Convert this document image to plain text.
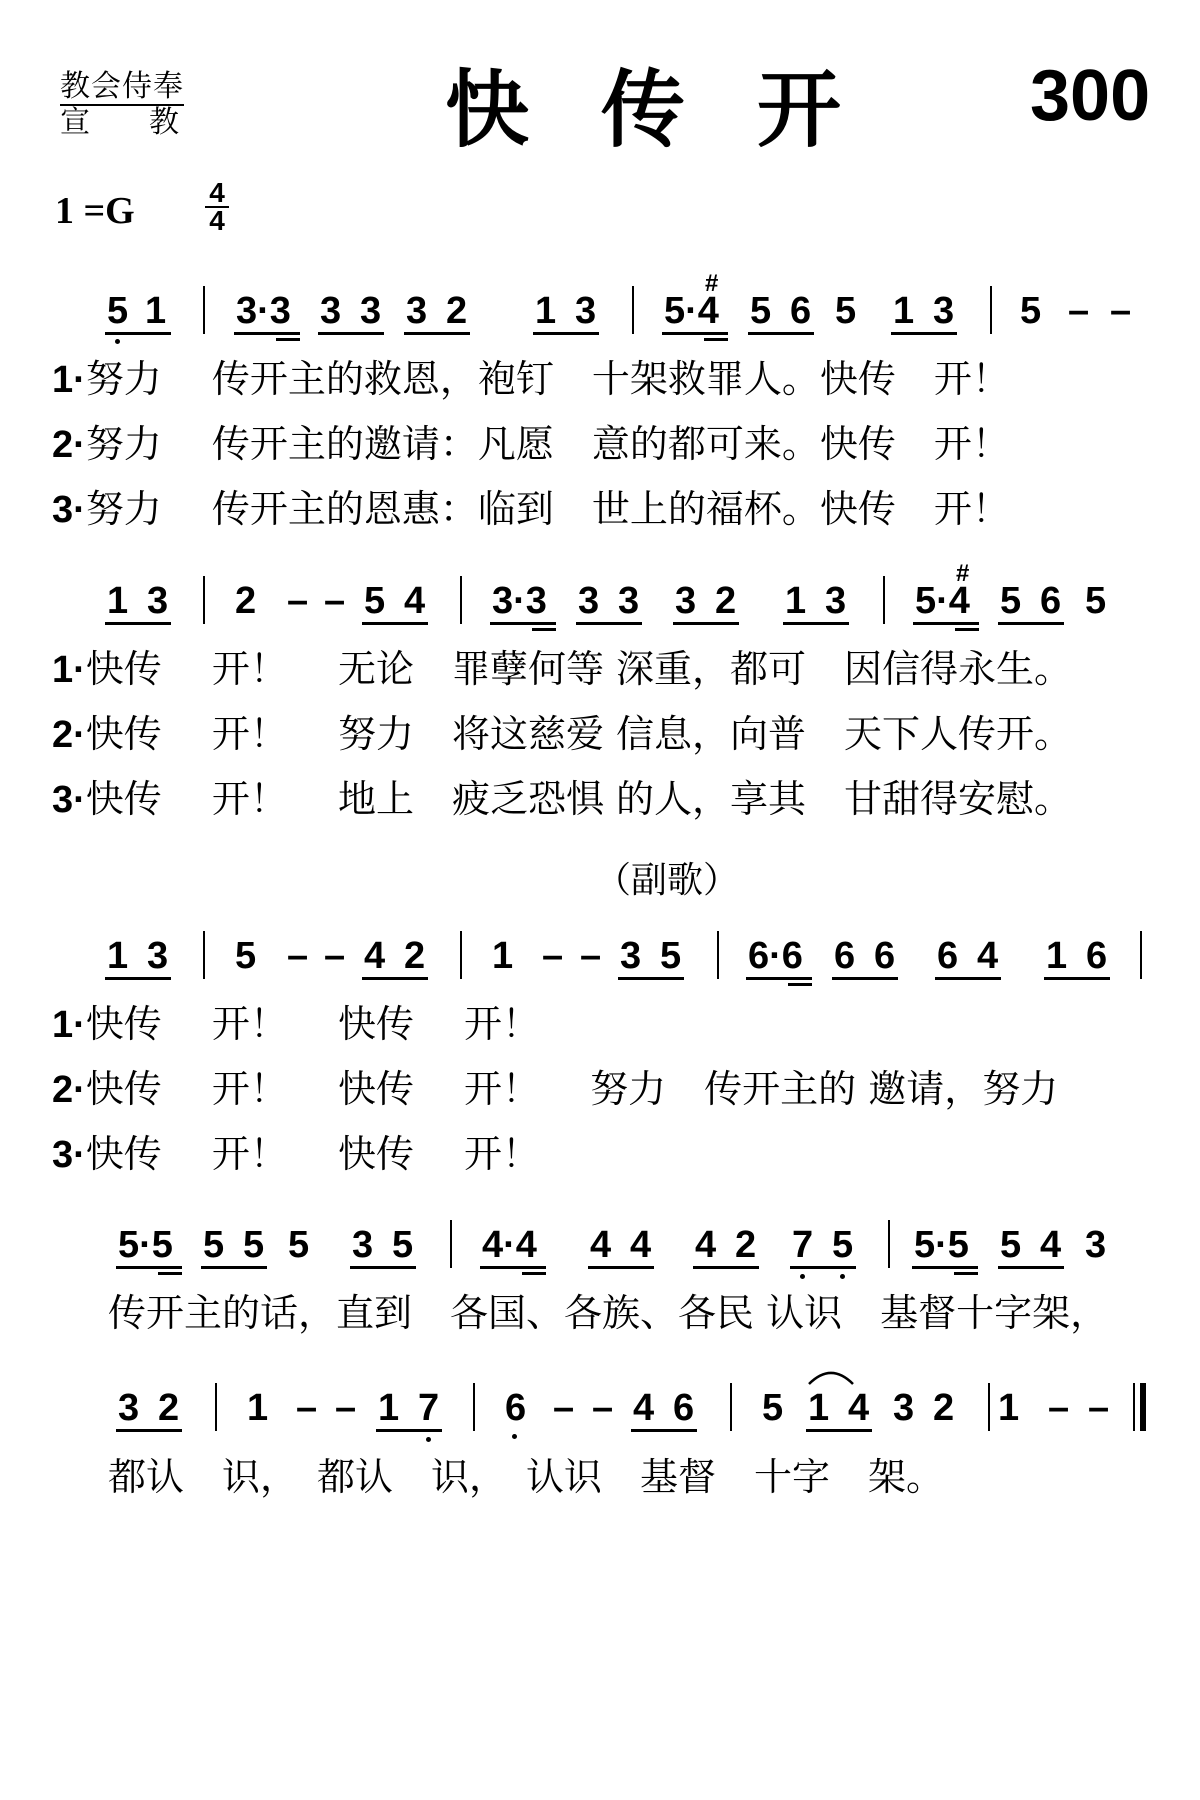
教会侍奉
宣 教	快 传 开	300
1 =G	4
4
5 1 3·3 3 3 3 2 1 3 5·4
#
5 6 5 1 3 5 – –
1·努力　 传开主的救恩，袍钉　十架救罪人。快传　开！
2·努力　 传开主的邀请：凡愿　意的都可来。快传　开！
3·努力　 传开主的恩惠：临到　世上的福杯。快传　开！
1 3 2 – – 5 4 3·3 3 3 3 2 1 3 5·4
#
5 6 5
1·快传　 开！　 无论　罪孽何等 深重，都可　因信得永生。
2·快传　 开！　 努力　将这慈爱 信息，向普　天下人传开。
3·快传　 开！　 地上　疲乏恐惧 的人，享其　甘甜得安慰。
（副歌）
1 3 5 – – 4 2 1 – – 3 5 6·6 6 6 6 4 1 6
1·快传　 开！　 快传　 开！
2·快传　 开！　 快传　 开！　 努力　传开主的 邀请，努力
3·快传　 开！　 快传　 开！
5·5 5 5 5 3 5 4·4 4 4 4 2 7 5 5·5 5 4 3
传开主的话，直到　各国、各族、各民 认识　基督十字架，
3 2 1 – – 1 7 6 – – 4 6 5 1 4 3 2 1 – –
都认　识，　都认　识，　认识　基督　十字　架。
